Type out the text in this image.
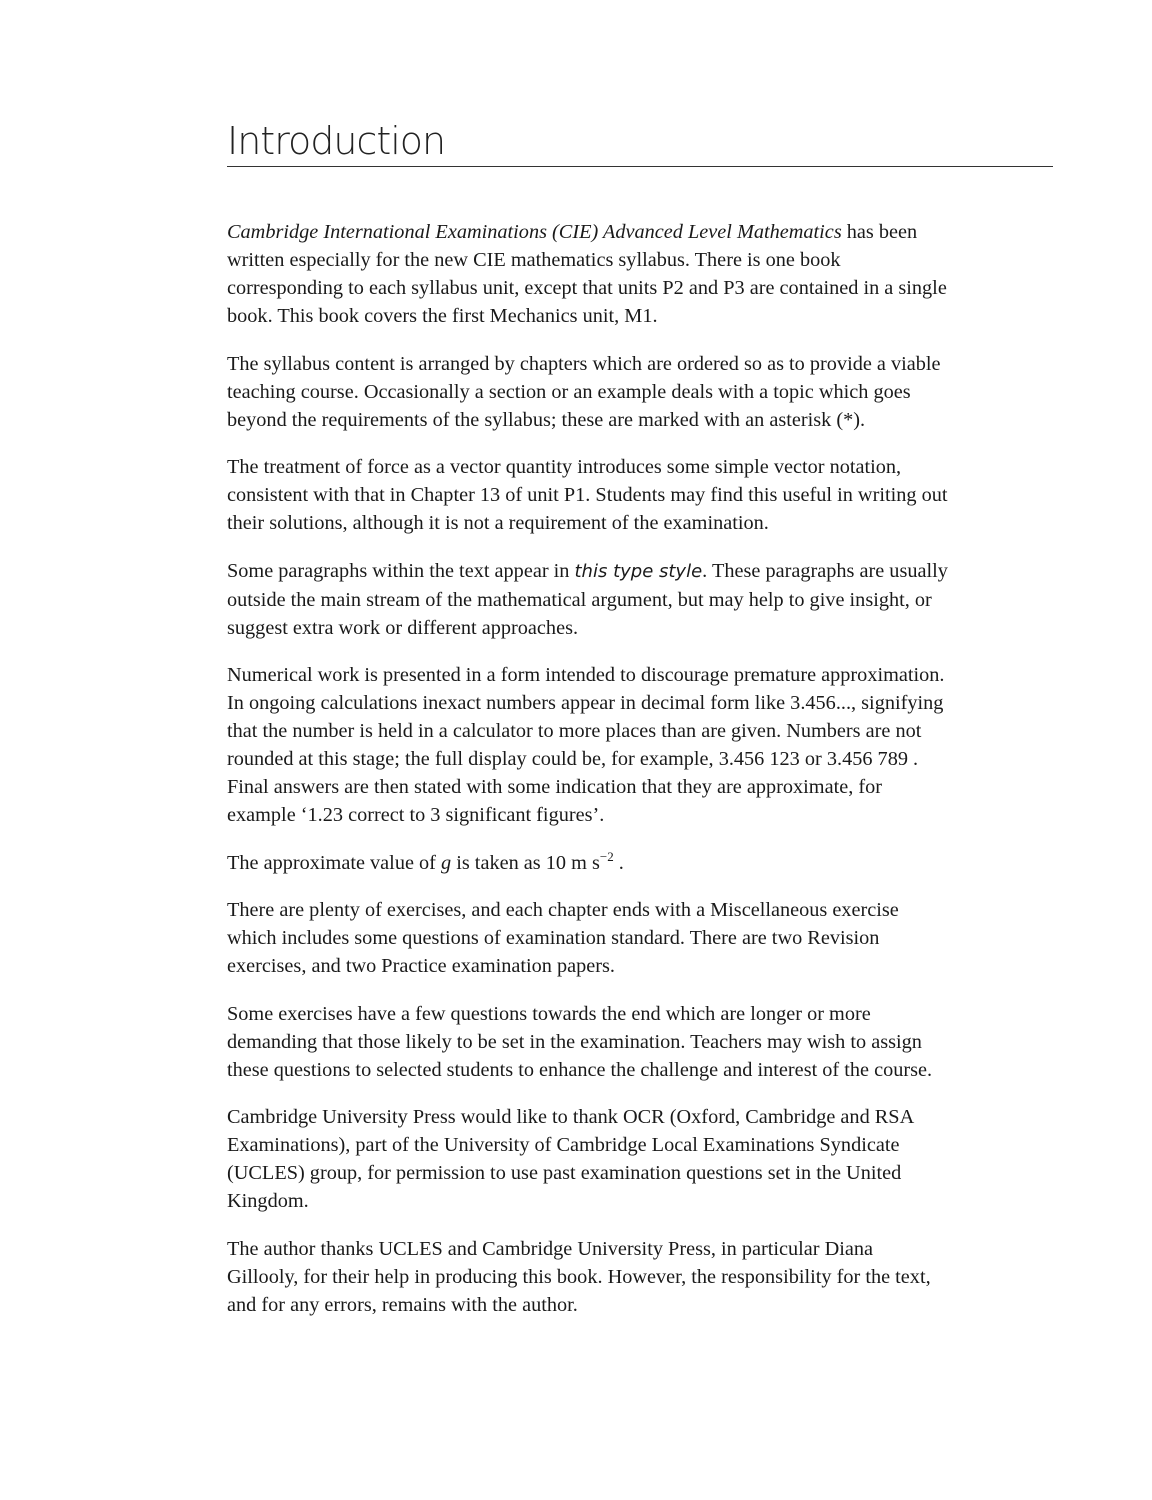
Introduction

Cambridge International Examinations (CIE) Advanced Level Mathematics has been
written especially for the new CIE mathematics syllabus. There is one book
corresponding to each syllabus unit, except that units P2 and P3 are contained in a single
book. This book covers the first Mechanics unit, M1.

The syllabus content is arranged by chapters which are ordered so as to provide a viable
teaching course. Occasionally a section or an example deals with a topic which goes
beyond the requirements of the syllabus; these are marked with an asterisk (*).

The treatment of force as a vector quantity introduces some simple vector notation,
consistent with that in Chapter 13 of unit P1. Students may find this useful in writing out
their solutions, although it is not a requirement of the examination.

Some paragraphs within the text appear in this type style. These paragraphs are usually
outside the main stream of the mathematical argument, but may help to give insight, or
suggest extra work or different approaches.

Numerical work is presented in a form intended to discourage premature approximation.
In ongoing calculations inexact numbers appear in decimal form like 3.456..., signifying
that the number is held in a calculator to more places than are given. Numbers are not
rounded at this stage; the full display could be, for example, 3.456 123 or 3.456 789 .
Final answers are then stated with some indication that they are approximate, for
example ‘1.23 correct to 3 significant figures’.

The approximate value of g is taken as 10 m $s^{-2}$ .

There are plenty of exercises, and each chapter ends with a Miscellaneous exercise
which includes some questions of examination standard. There are two Revision
exercises, and two Practice examination papers.

Some exercises have a few questions towards the end which are longer or more
demanding that those likely to be set in the examination. Teachers may wish to assign
these questions to selected students to enhance the challenge and interest of the course.

Cambridge University Press would like to thank OCR (Oxford, Cambridge and RSA
Examinations), part of the University of Cambridge Local Examinations Syndicate
(UCLES) group, for permission to use past examination questions set in the United
Kingdom.

The author thanks UCLES and Cambridge University Press, in particular Diana
Gillooly, for their help in producing this book. However, the responsibility for the text,
and for any errors, remains with the author.
